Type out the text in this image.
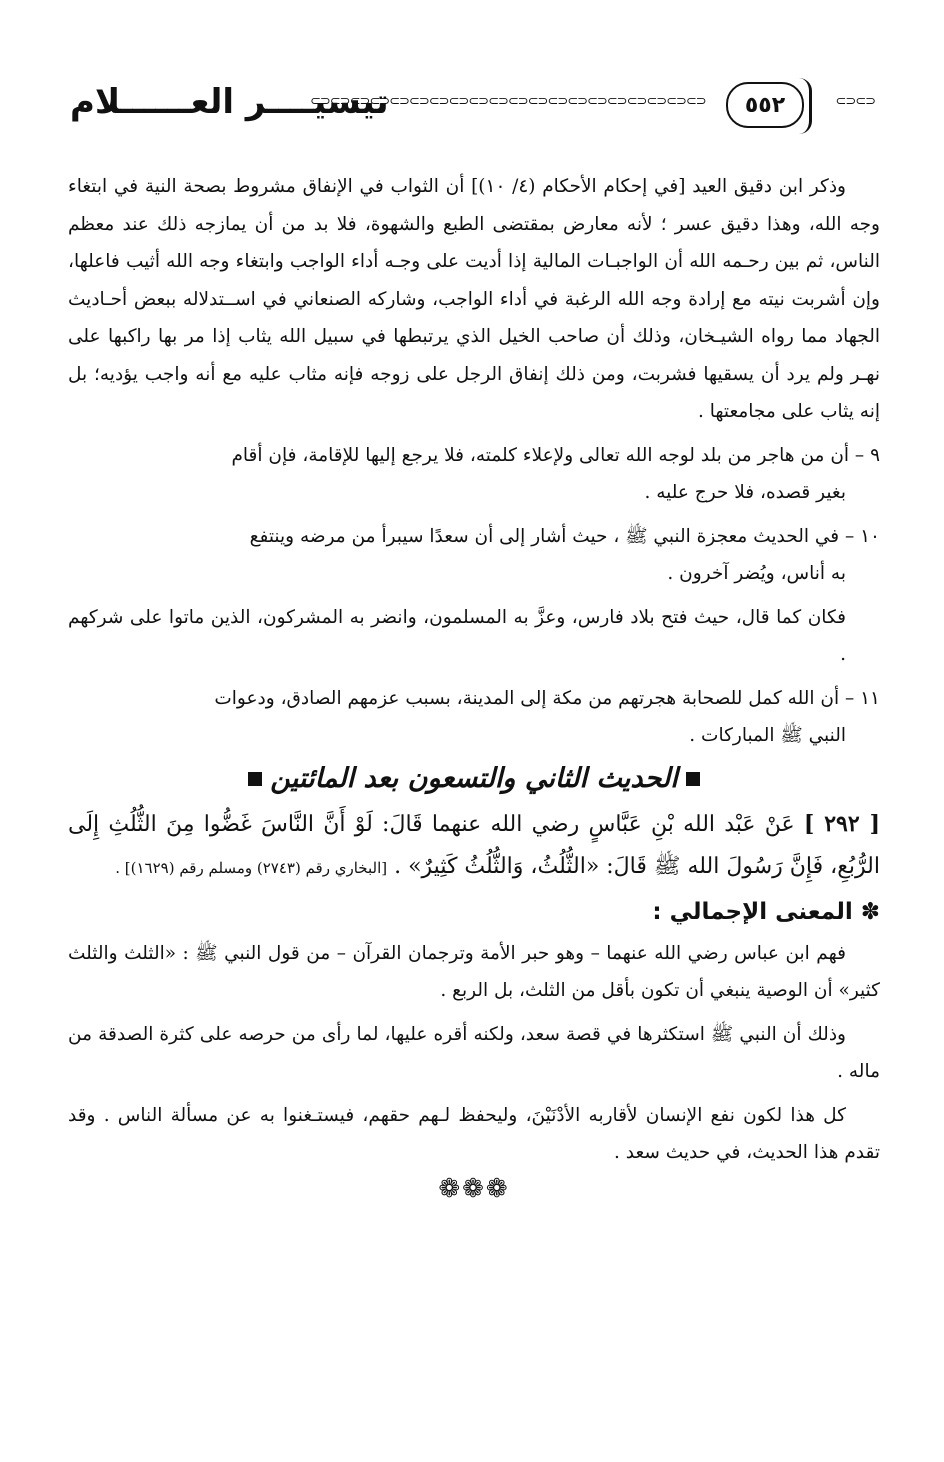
تيسيــــر العــــــلام
⊂⊃⊂⊃⊂⊃⊂⊃⊂⊃⊂⊃⊂⊃⊂⊃⊂⊃⊂⊃⊂⊃⊂⊃⊂⊃⊂⊃⊂⊃⊂⊃⊂⊃⊂⊃⊂⊃⊂⊃	٥٥٢	⊂⊃⊂⊃

وذكر ابن دقيق العيد [في إحكام الأحكام (٤/ ١٠)] أن الثواب في الإنفاق مشروط بصحة النية في ابتغاء وجه الله، وهذا دقيق عسر ؛ لأنه معارض بمقتضى الطبع والشهوة، فلا بد من أن يمازجه ذلك عند معظم الناس، ثم بين رحـمه الله أن الواجبـات المالية إذا أديت على وجـه أداء الواجب وابتغاء وجه الله أثيب فاعلها، وإن أشربت نيته مع إرادة وجه الله الرغبة في أداء الواجب، وشاركه الصنعاني في اســتدلاله ببعض أحـاديث الجهاد مما رواه الشيـخان، وذلك أن صاحب الخيل الذي يرتبطها في سبيل الله يثاب إذا مر بها راكبها على نهـر ولم يرد أن يسقيها فشربت، ومن ذلك إنفاق الرجل على زوجه فإنه مثاب عليه مع أنه واجب يؤديه؛ بل إنه يثاب على مجامعتها .

٩ – أن من هاجر من بلد لوجه الله تعالى ولإعلاء كلمته، فلا يرجع إليها للإقامة، فإن أقام
بغير قصده، فلا حرج عليه .

١٠ – في الحديث معجزة النبي ﷺ ، حيث أشار إلى أن سعدًا سيبرأ من مرضه وينتفع
به أناس، ويُضر آخرون .

فكان كما قال، حيث فتح بلاد فارس، وعزَّ به المسلمون، وانضر به المشركون، الذين ماتوا على شركهم .

١١ – أن الله كمل للصحابة هجرتهم من مكة إلى المدينة، بسبب عزمهم الصادق، ودعوات
النبي ﷺ المباركات .

الحديث الثاني والتسعون بعد المائتين

[ ٢٩٢ ] عَنْ عَبْد الله بْنِ عَبَّاسٍ رضي الله عنهما قَالَ: لَوْ أَنَّ النَّاسَ غَضُّوا مِنَ الثُّلُثِ إِلَى الرُّبُعِ، فَإِنَّ رَسُولَ الله ﷺ قَالَ: «الثُّلُثُ، وَالثُّلُثُ كَثِيرٌ» . [البخاري رقم (٢٧٤٣) ومسلم رقم (١٦٢٩)] .

✽ المعنى الإجمالي :

فهم ابن عباس رضي الله عنهما – وهو حبر الأمة وترجمان القرآن – من قول النبي ﷺ : «الثلث والثلث كثير» أن الوصية ينبغي أن تكون بأقل من الثلث، بل الربع .

وذلك أن النبي ﷺ استكثرها في قصة سعد، ولكنه أقره عليها، لما رأى من حرصه على كثرة الصدقة من ماله .

كل هذا لكون نفع الإنسان لأقاربه الأدْنَيْنَ، وليحفظ لـهم حقهم، فيستـغنوا به عن مسألة الناس . وقد تقدم هذا الحديث، في حديث سعد .

❁❁❁
